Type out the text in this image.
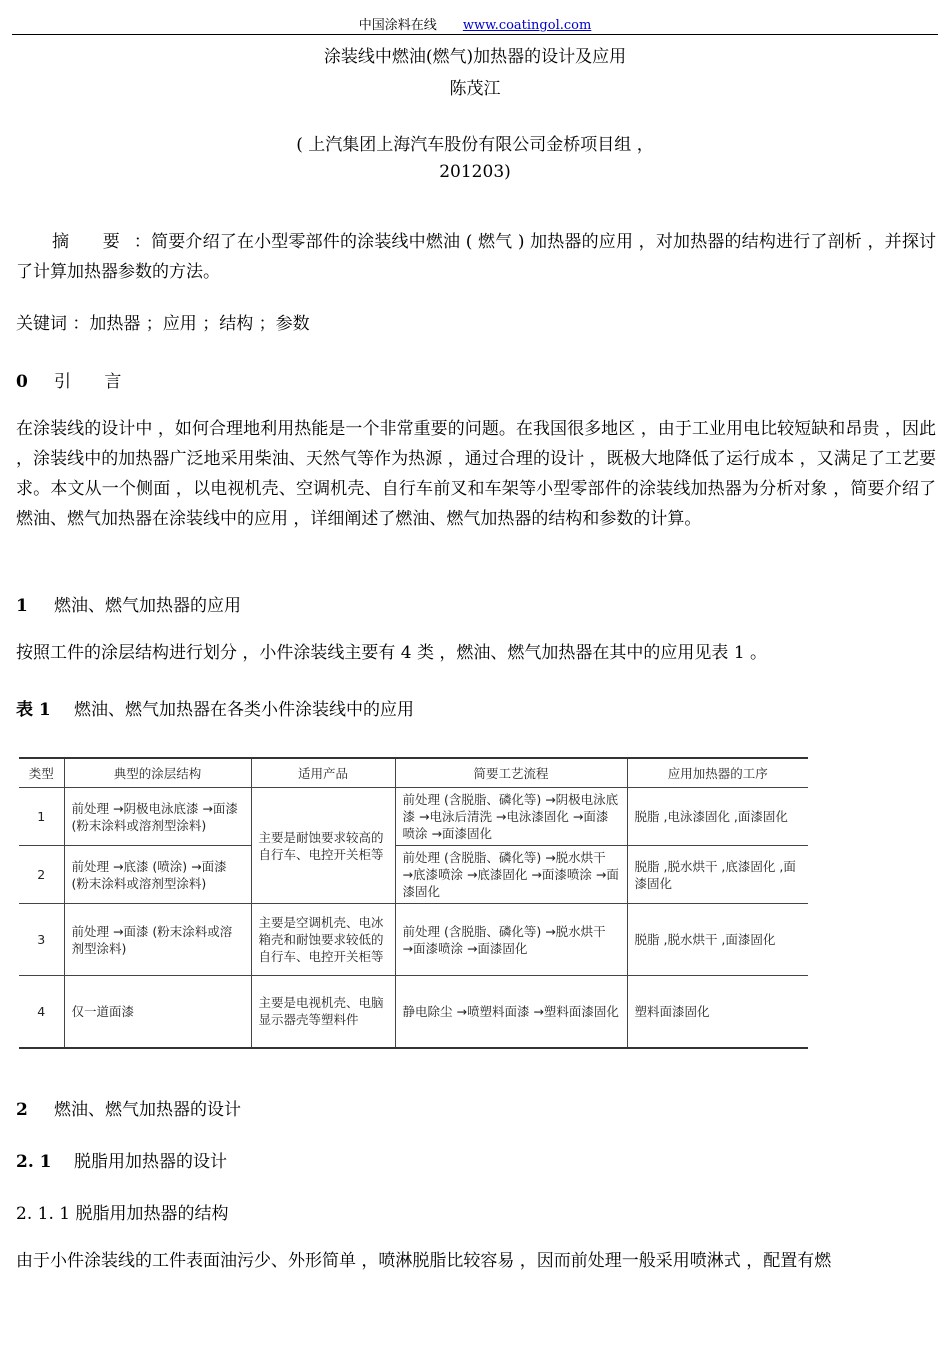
中国涂料在线 www.coatingol.com
涂装线中燃油(燃气)加热器的设计及应用
陈茂江
( 上汽集团上海汽车股份有限公司金桥项目组 ，
201203)
摘 要：简要介绍了在小型零部件的涂装线中燃油 ( 燃气 ) 加热器的应用 ，对加热器的结构进行了剖析 ，并探讨了计算加热器参数的方法。
关键词 ：加热器 ；应用 ；结构 ；参数
0 引 言
在涂装线的设计中 ，如何合理地利用热能是一个非常重要的问题。在我国很多地区 ，由于工业用电比较短缺和昂贵 ，因此 ，涂装线中的加热器广泛地采用柴油、天然气等作为热源 ，通过合理的设计 ，既极大地降低了运行成本 ，又满足了工艺要求。本文从一个侧面 ，以电视机壳、空调机壳、自行车前叉和车架等小型零部件的涂装线加热器为分析对象 ，简要介绍了燃油、燃气加热器在涂装线中的应用 ，详细阐述了燃油、燃气加热器的结构和参数的计算。
1 燃油、燃气加热器的应用
按照工件的涂层结构进行划分 ，小件涂装线主要有 4 类 ，燃油、燃气加热器在其中的应用见表 1 。
表 1 燃油、燃气加热器在各类小件涂装线中的应用
类型	典型的涂层结构	适用产品	简要工艺流程	应用加热器的工序
1	前处理 →阴极电泳底漆 →面漆 (粉末涂料或溶剂型涂料)	主要是耐蚀要求较高的自行车、电控开关柜等	前处理 (含脱脂、磷化等) →阴极电泳底漆 →电泳后清洗 →电泳漆固化 →面漆喷涂 →面漆固化	脱脂 ,电泳漆固化 ,面漆固化
2	前处理 →底漆 (喷涂) →面漆 (粉末涂料或溶剂型涂料)		前处理 (含脱脂、磷化等) →脱水烘干 →底漆喷涂 →底漆固化 →面漆喷涂 →面漆固化	脱脂 ,脱水烘干 ,底漆固化 ,面漆固化
3	前处理 →面漆 (粉末涂料或溶剂型涂料)	主要是空调机壳、电冰箱壳和耐蚀要求较低的自行车、电控开关柜等	前处理 (含脱脂、磷化等) →脱水烘干 →面漆喷涂 →面漆固化	脱脂 ,脱水烘干 ,面漆固化
4	仅一道面漆	主要是电视机壳、电脑显示器壳等塑料件	静电除尘 →喷塑料面漆 →塑料面漆固化	塑料面漆固化
2 燃油、燃气加热器的设计
2. 1 脱脂用加热器的设计
2. 1. 1 脱脂用加热器的结构
由于小件涂装线的工件表面油污少、外形简单 ，喷淋脱脂比较容易 ，因而前处理一般采用喷淋式 ，配置有燃
